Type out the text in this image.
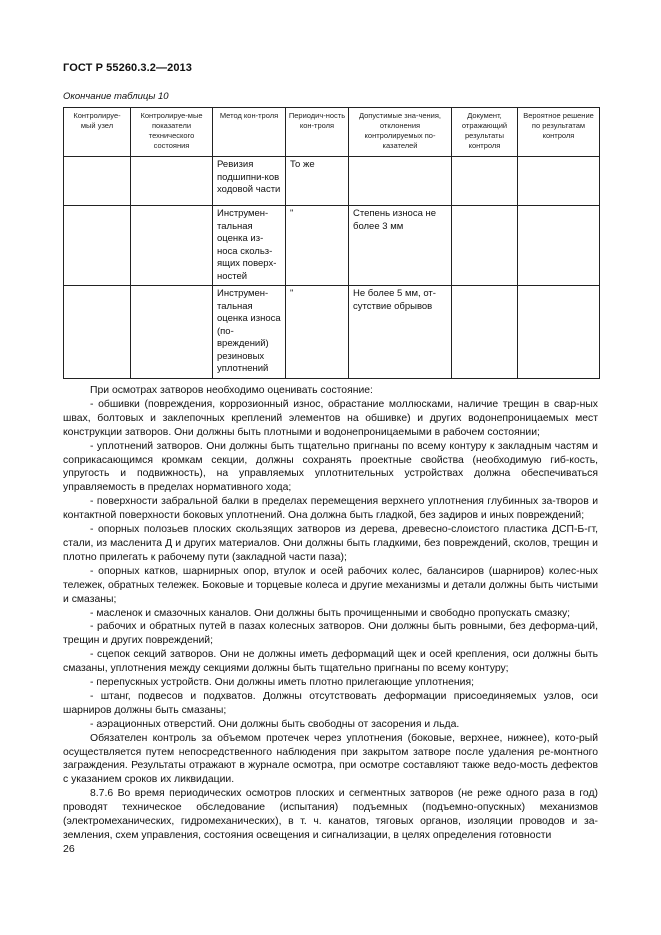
ГОСТ Р 55260.3.2—2013
Окончание таблицы 10
Контролируе-мый узел	Контролируе-мые показатели технического состояния	Метод кон-троля	Периодич-ность кон-троля	Допустимые зна-чения, отклонения контролируемых по-казателей	Документ, отражающий результаты контроля	Вероятное решение по результатам контроля
		Ревизия подшипни-ков ходовой части	То же			
		Инструмен-тальная оценка из-носа скольз-ящих поверх-ностей	"	Степень износа не более 3 мм		
		Инструмен-тальная оценка износа (по-вреждений) резиновых уплотнений	"	Не более 5 мм, от-сутствие обрывов		

При осмотрах затворов необходимо оценивать состояние:

- обшивки (повреждения, коррозионный износ, обрастание моллюсками, наличие трещин в свар-ных швах, болтовых и заклепочных креплений элементов на обшивке) и других водонепроницаемых мест конструкции затворов. Они должны быть плотными и водонепроницаемыми в рабочем состоянии;

- уплотнений затворов. Они должны быть тщательно пригнаны по всему контуру к закладным частям и соприкасающимся кромкам секции, должны сохранять проектные свойства (необходимую гиб-кость, упругость и подвижность), на управляемых уплотнительных устройствах должна обеспечиваться управляемость в пределах нормативного хода;

- поверхности забральной балки в пределах перемещения верхнего уплотнения глубинных за-творов и контактной поверхности боковых уплотнений. Она должна быть гладкой, без задиров и иных повреждений;

- опорных полозьев плоских скользящих затворов из дерева, древесно-слоистого пластика ДСП-Б-гт, стали, из масленита Д и других материалов. Они должны быть гладкими, без повреждений, сколов, трещин и плотно прилегать к рабочему пути (закладной части паза);

- опорных катков, шарнирных опор, втулок и осей рабочих колес, балансиров (шарниров) колес-ных тележек, обратных тележек. Боковые и торцевые колеса и другие механизмы и детали должны быть чистыми и смазаны;

- масленок и смазочных каналов. Они должны быть прочищенными и свободно пропускать смазку;

- рабочих и обратных путей в пазах колесных затворов. Они должны быть ровными, без деформа-ций, трещин и других повреждений;

- сцепок секций затворов. Они не должны иметь деформаций щек и осей крепления, оси должны быть смазаны, уплотнения между секциями должны быть тщательно пригнаны по всему контуру;

- перепускных устройств. Они должны иметь плотно прилегающие уплотнения;

- штанг, подвесов и подхватов. Должны отсутствовать деформации присоединяемых узлов, оси шарниров должны быть смазаны;

- аэрационных отверстий. Они должны быть свободны от засорения и льда.

Обязателен контроль за объемом протечек через уплотнения (боковые, верхнее, нижнее), кото-рый осуществляется путем непосредственного наблюдения при закрытом затворе после удаления ре-монтного заграждения. Результаты отражают в журнале осмотра, при осмотре составляют также ведо-мость дефектов с указанием сроков их ликвидации.

8.7.6 Во время периодических осмотров плоских и сегментных затворов (не реже одного раза в год) проводят техническое обследование (испытания) подъемных (подъемно-опускных) механизмов (электромеханических, гидромеханических), в т. ч. канатов, тяговых органов, изоляции проводов и за-земления, схем управления, состояния освещения и сигнализации, в целях определения готовности

26
